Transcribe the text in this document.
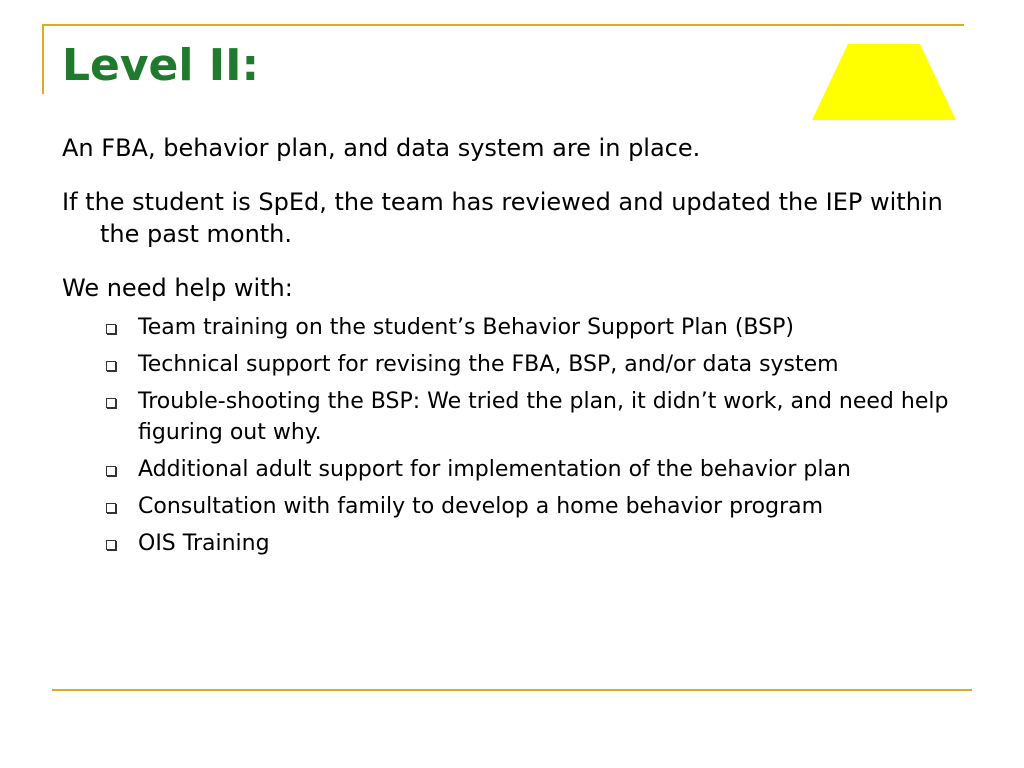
Level II:

An FBA, behavior plan, and data system are in place.

If the student is SpEd, the team has reviewed and updated the IEP within the past month.

We need help with:

Team training on the student’s Behavior Support Plan (BSP)
Technical support for revising the FBA, BSP, and/or data system
Trouble-shooting the BSP: We tried the plan, it didn’t work, and need help figuring out why.
Additional adult support for implementation of the behavior plan
Consultation with family to develop a home behavior program
OIS Training
